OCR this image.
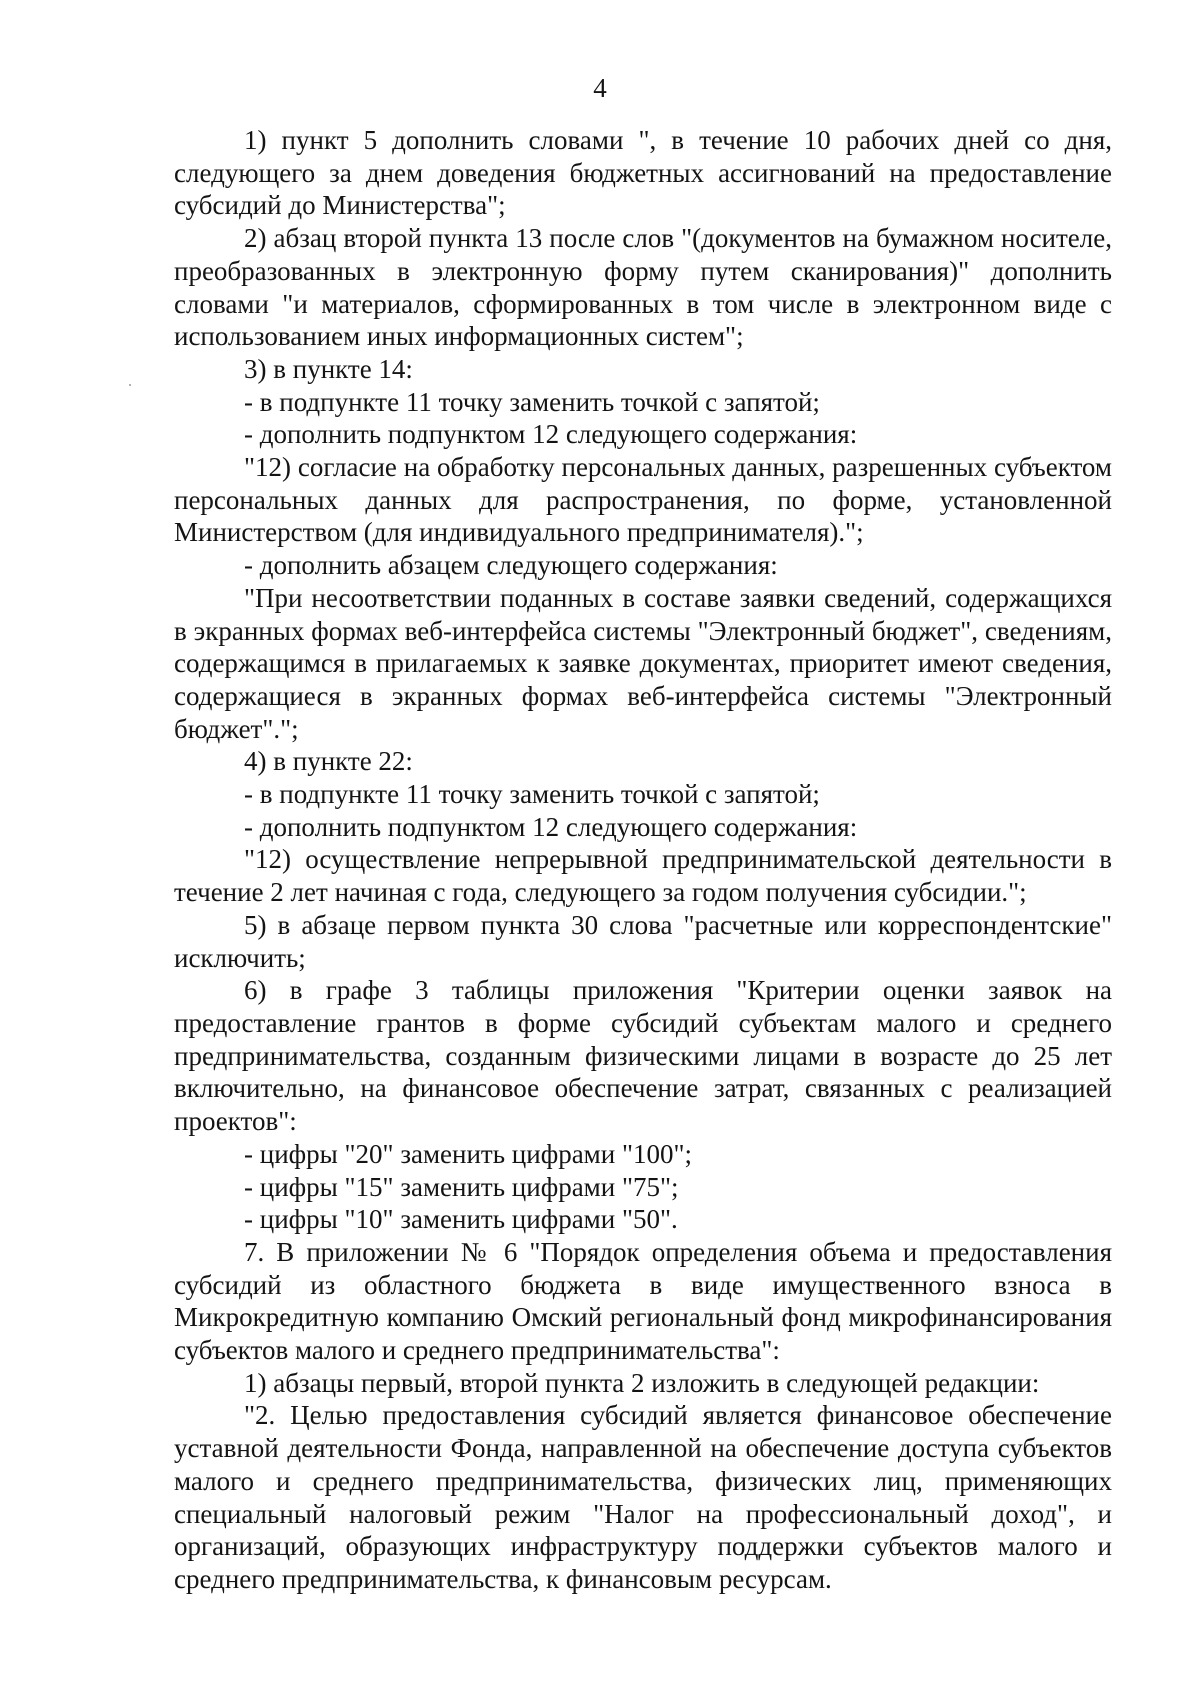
4

1) пункт 5 дополнить словами ", в течение 10 рабочих дней со дня, следующего за днем доведения бюджетных ассигнований на предоставление субсидий до Министерства";

2) абзац второй пункта 13 после слов "(документов на бумажном носителе, преобразованных в электронную форму путем сканирования)" дополнить словами "и материалов, сформированных в том числе в электронном виде с использованием иных информационных систем";

3) в пункте 14:

- в подпункте 11 точку заменить точкой с запятой;

- дополнить подпунктом 12 следующего содержания:

"12) согласие на обработку персональных данных, разрешенных субъектом персональных данных для распространения, по форме, установленной Министерством (для индивидуального предпринимателя).";

- дополнить абзацем следующего содержания:

"При несоответствии поданных в составе заявки сведений, содержащихся в экранных формах веб-интерфейса системы "Электронный бюджет", сведениям, содержащимся в прилагаемых к заявке документах, приоритет имеют сведения, содержащиеся в экранных формах веб-интерфейса системы "Электронный бюджет".";

4) в пункте 22:

- в подпункте 11 точку заменить точкой с запятой;

- дополнить подпунктом 12 следующего содержания:

"12) осуществление непрерывной предпринимательской деятельности в течение 2 лет начиная с года, следующего за годом получения субсидии.";

5) в абзаце первом пункта 30 слова "расчетные или корреспондентские" исключить;

6) в графе 3 таблицы приложения "Критерии оценки заявок на предоставление грантов в форме субсидий субъектам малого и среднего предпринимательства, созданным физическими лицами в возрасте до 25 лет включительно, на финансовое обеспечение затрат, связанных с реализацией проектов":

- цифры "20" заменить цифрами "100";

- цифры "15" заменить цифрами "75";

- цифры "10" заменить цифрами "50".

7. В приложении № 6 "Порядок определения объема и предоставления субсидий из областного бюджета в виде имущественного взноса в Микрокредитную компанию Омский региональный фонд микрофинансирования субъектов малого и среднего предпринимательства":

1) абзацы первый, второй пункта 2 изложить в следующей редакции:

"2. Целью предоставления субсидий является финансовое обеспечение уставной деятельности Фонда, направленной на обеспечение доступа субъектов малого и среднего предпринимательства, физических лиц, применяющих специальный налоговый режим "Налог на профессиональный доход", и организаций, образующих инфраструктуру поддержки субъектов малого и среднего предпринимательства, к финансовым ресурсам.
